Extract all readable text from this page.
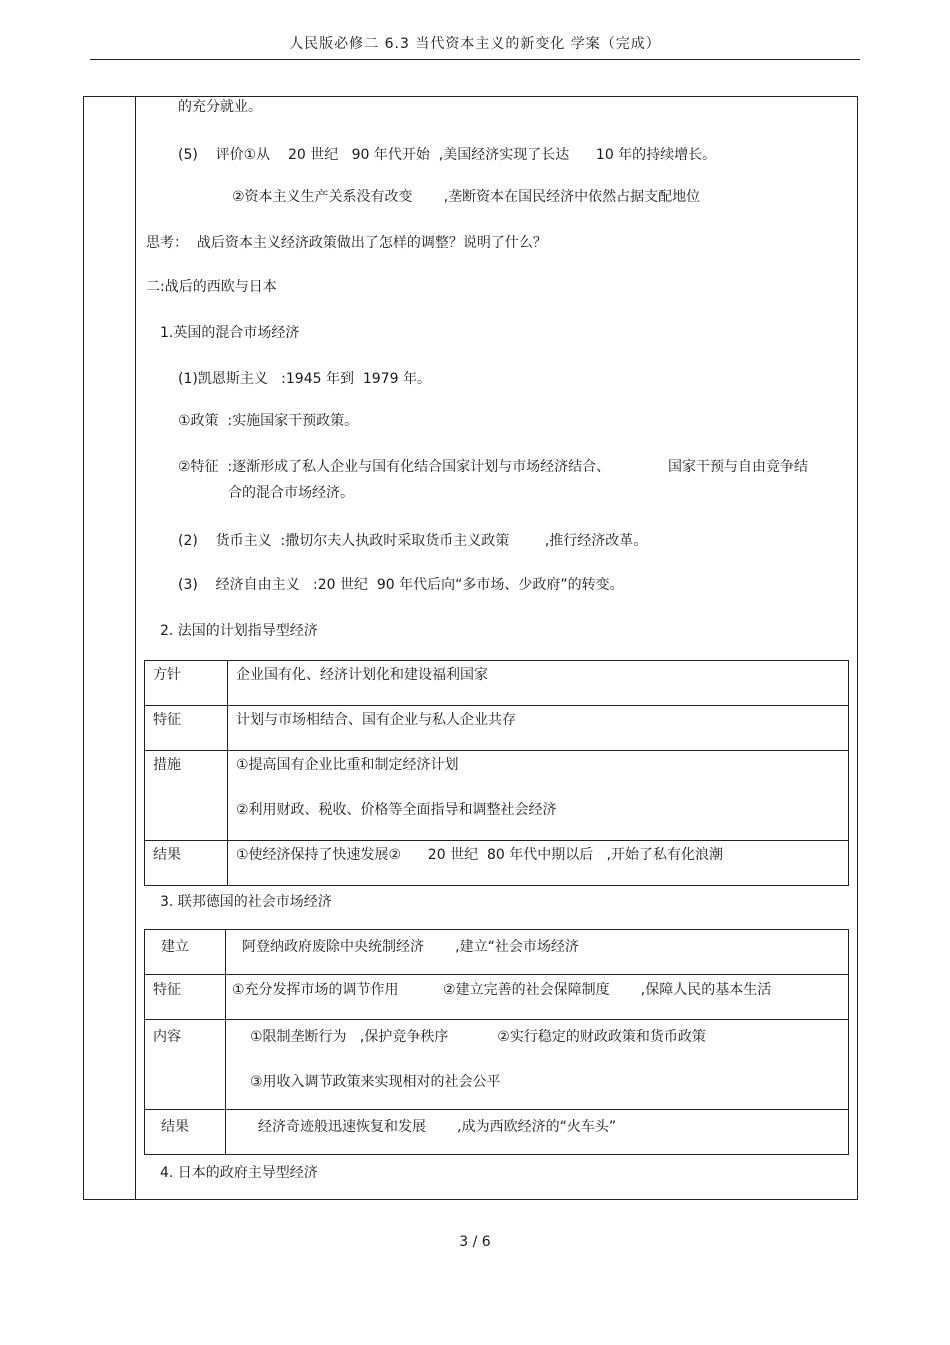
人民版必修二 6.3 当代资本主义的新变化 学案（完成）
的充分就业。
(5)    评价①从    20 世纪   90 年代开始  ,美国经济实现了长达      10 年的持续增长。
②资本主义生产关系没有改变       ,垄断资本在国民经济中依然占据支配地位
思考：  战后资本主义经济政策做出了怎样的调整？说明了什么？
二:战后的西欧与日本
1.英国的混合市场经济
(1)凯恩斯主义   :1945 年到  1979 年。
①政策  :实施国家干预政策。
②特征  :逐渐形成了私人企业与国有化结合国家计划与市场经济结合、             国家干预与自由竞争结
合的混合市场经济。
(2)    货币主义  :撒切尔夫人执政时采取货币主义政策        ,推行经济改革。
(3)    经济自由主义   :20 世纪  90 年代后向“多市场、少政府”的转变。
2. 法国的计划指导型经济
方针	企业国有化、经济计划化和建设福利国家

特征	计划与市场相结合、国有企业与私人企业共存

措施	①提高国有企业比重和制定经济计划
②利用财政、税收、价格等全面指导和调整社会经济

结果	①使经济保持了快速发展②      20 世纪  80 年代中期以后   ,开始了私有化浪潮
3. 联邦德国的社会市场经济
建立	阿登纳政府废除中央统制经济       ,建立“社会市场经济

特征	①充分发挥市场的调节作用          ②建立完善的社会保障制度       ,保障人民的基本生活

内容	①限制垄断行为   ,保护竞争秩序           ②实行稳定的财政政策和货币政策
③用收入调节政策来实现相对的社会公平

结果	经济奇迹般迅速恢复和发展       ,成为西欧经济的“火车头”
4. 日本的政府主导型经济
3 / 6
